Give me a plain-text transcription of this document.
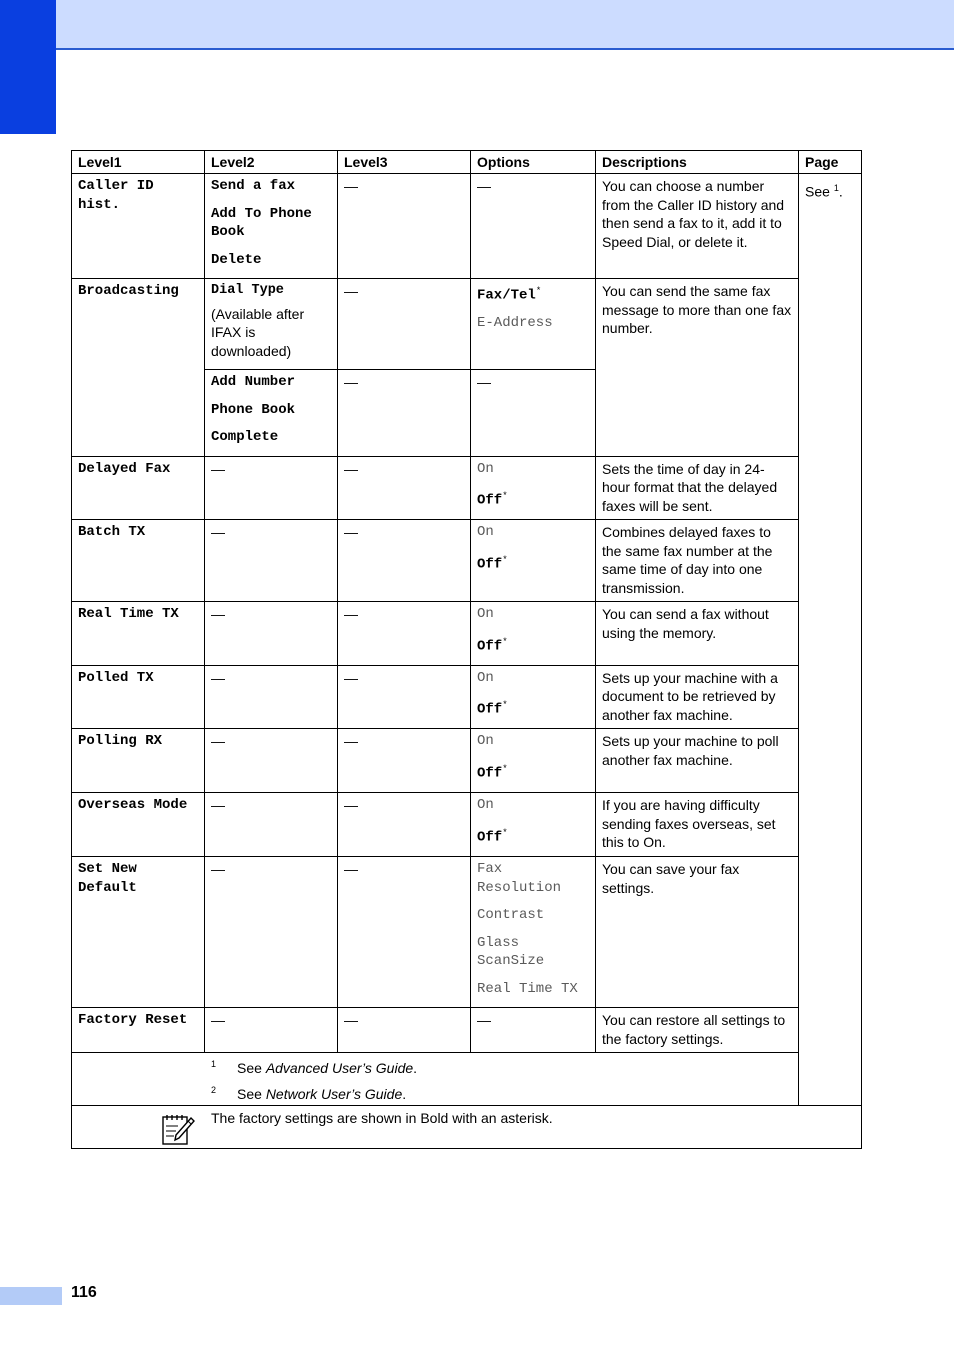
Level1	Level2	Level3	Options	Descriptions	Page
Caller ID hist.	Send a fax
Add To Phone Book
Delete	—	—	You can choose a number from the Caller ID history and then send a fax to it, add it to Speed Dial, or delete it.	See $^1$.
Broadcasting	Dial Type
(Available after IFAX is downloaded)	—	Fax/Tel*
E-Address	You can send the same fax message to more than one fax number.	

	Add Number
Phone Book
Complete	—	—		
Delayed Fax	—	—	On
Off*	Sets the time of day in 24-hour format that the delayed faxes will be sent.	
Batch TX	—	—	On
Off*	Combines delayed faxes to the same fax number at the same time of day into one transmission.	
Real Time TX	—	—	On
Off*	You can send a fax without using the memory.	
Polled TX	—	—	On
Off*	Sets up your machine with a document to be retrieved by another fax machine.	
Polling RX	—	—	On
Off*	Sets up your machine to poll another fax machine.	
Overseas Mode	—	—	On
Off*	If you are having difficulty sending faxes overseas, set this to On.	
Set New Default	—	—	Fax Resolution
Contrast
Glass ScanSize
Real Time TX	You can save your fax settings.	
Factory Reset	—	—	—	You can restore all settings to the factory settings.	

1 See Advanced User’s Guide.
2 See Network User’s Guide.					

The factory settings are shown in Bold with an asterisk.					
116
